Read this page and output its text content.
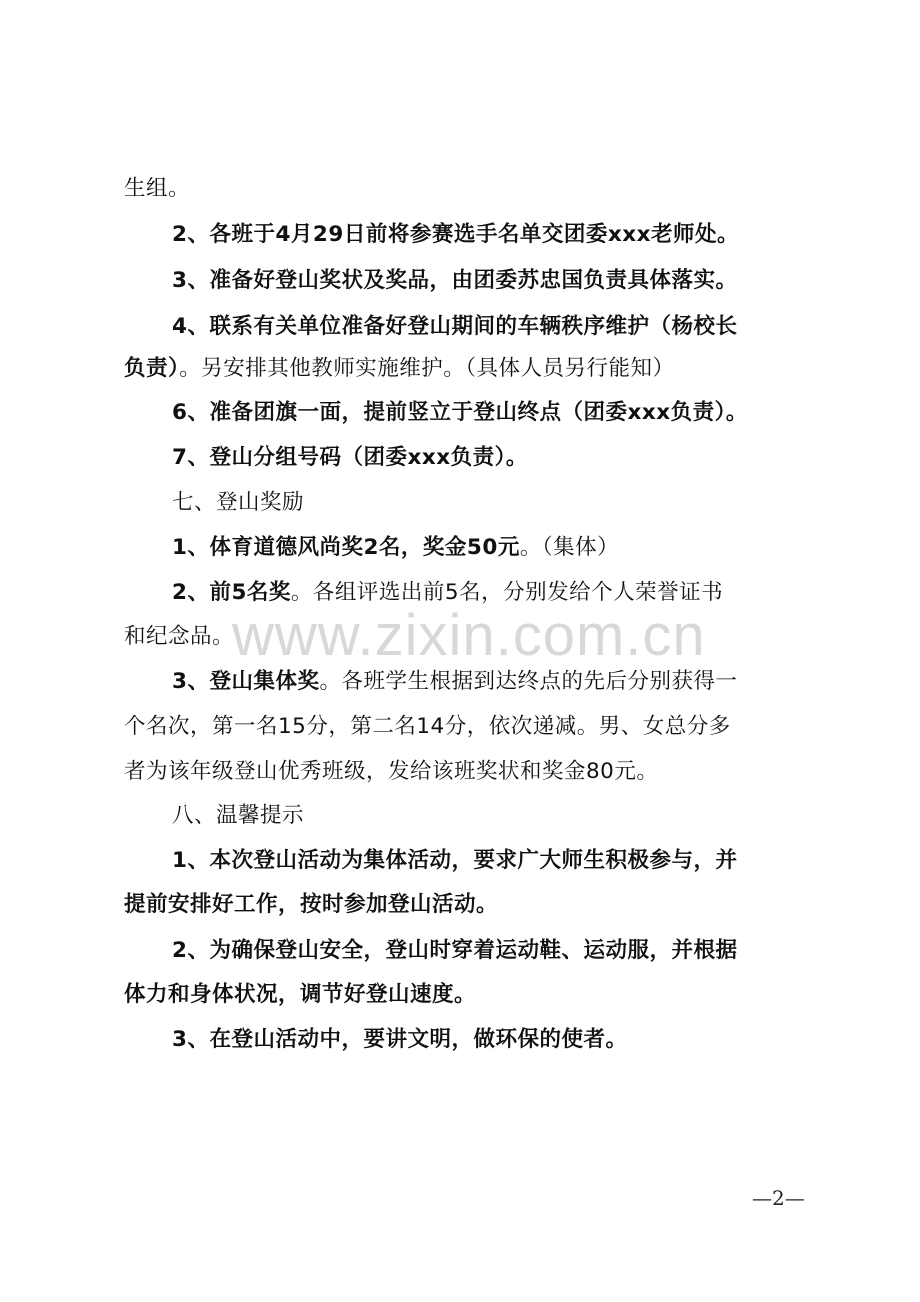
生组。
2、各班于4月29日前将参赛选手名单交团委xxx老师处。
3、准备好登山奖状及奖品，由团委苏忠国负责具体落实。
4、联系有关单位准备好登山期间的车辆秩序维护（杨校长
负责）。另安排其他教师实施维护。（具体人员另行能知）
6、准备团旗一面，提前竖立于登山终点（团委xxx负责）。
7、登山分组号码（团委xxx负责）。
七、登山奖励
1、体育道德风尚奖2名，奖金50元。（集体）
2、前5名奖。各组评选出前5名，分别发给个人荣誉证书
和纪念品。
3、登山集体奖。各班学生根据到达终点的先后分别获得一
个名次，第一名15分，第二名14分，依次递减。男、女总分多
者为该年级登山优秀班级，发给该班奖状和奖金80元。
八、温馨提示
1、本次登山活动为集体活动，要求广大师生积极参与，并
提前安排好工作，按时参加登山活动。
2、为确保登山安全，登山时穿着运动鞋、运动服，并根据
体力和身体状况，调节好登山速度。
3、在登山活动中，要讲文明，做环保的使者。
www.zixin.com.cn
—2—
